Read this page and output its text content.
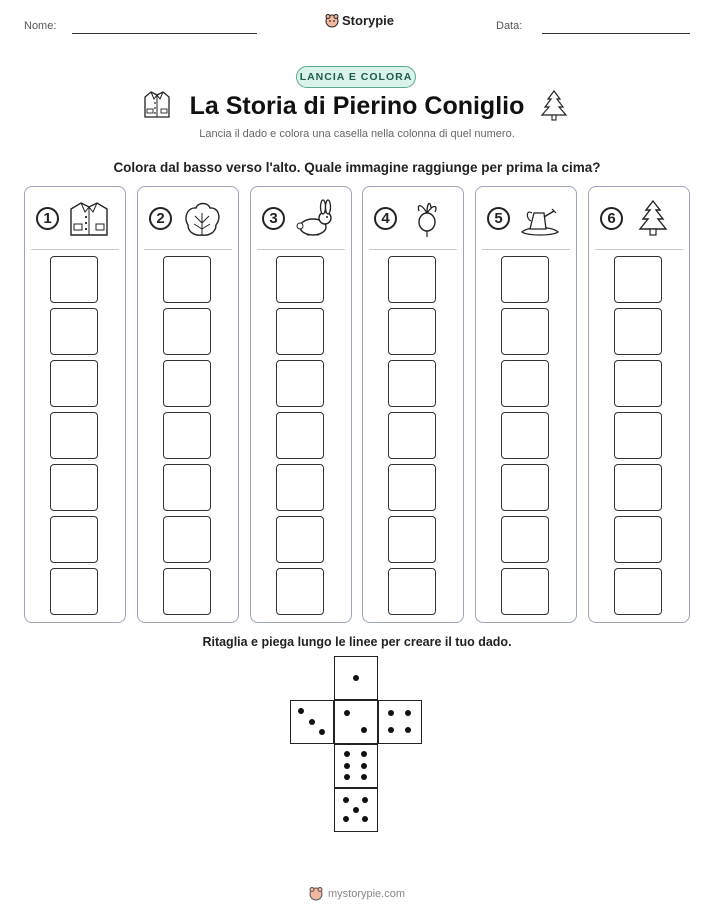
Nome:	Storypie	Data:
LANCIA E COLORA
La Storia di Pierino Coniglio
Lancia il dado e colora una casella nella colonna di quel numero.
Colora dal basso verso l'alto. Quale immagine raggiunge per prima la cima?
1	2	3	4	5	6
Ritaglia e piega lungo le linee per creare il tuo dado.
mystorypie.com
